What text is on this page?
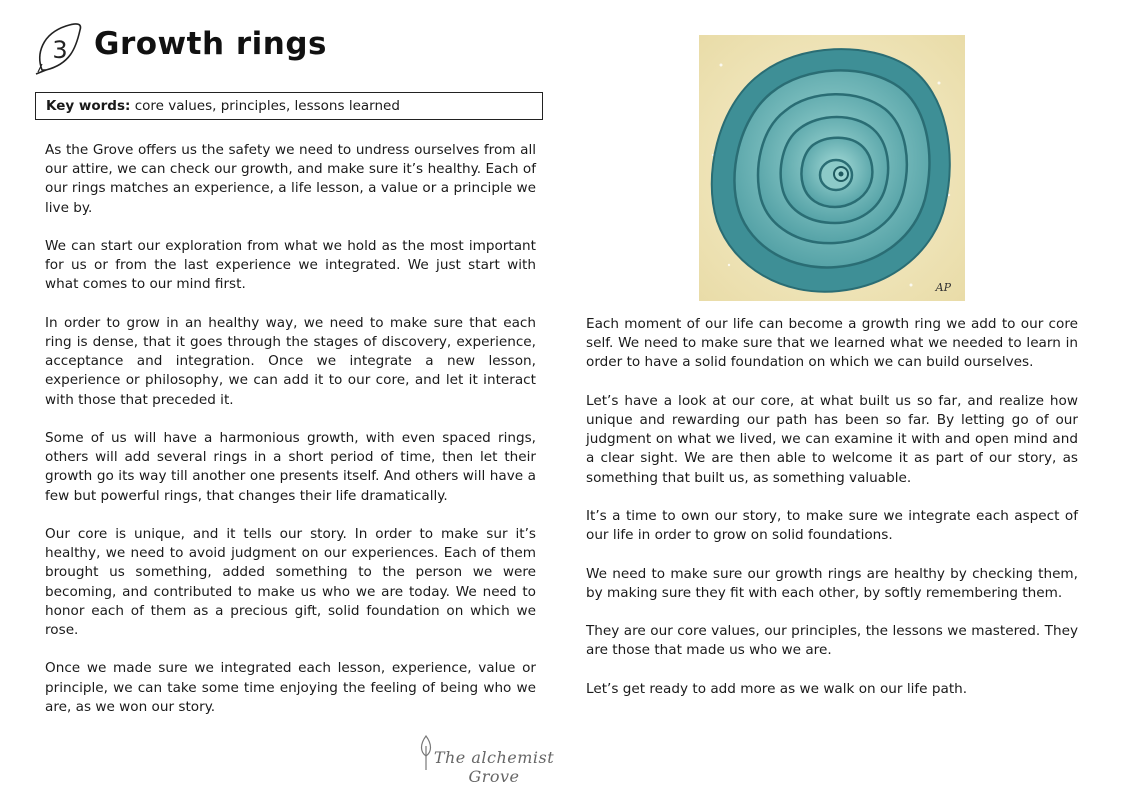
3 Growth rings
Key words: core values, principles, lessons learned

As the Grove offers us the safety we need to undress ourselves from all our attire, we can check our growth, and make sure it’s healthy. Each of our rings matches an experience, a life lesson, a value or a principle we live by.

We can start our exploration from what we hold as the most important for us or from the last experience we integrated. We just start with what comes to our mind first.

In order to grow in an healthy way, we need to make sure that each ring is dense, that it goes through the stages of discovery, experience, acceptance and integration. Once we integrate a new lesson, experience or philosophy, we can add it to our core, and let it interact with those that preceded it.

Some of us will have a harmonious growth, with even spaced rings, others will add several rings in a short period of time, then let their growth go its way till another one presents itself. And others will have a few but powerful rings, that changes their life dramatically.

Our core is unique, and it tells our story. In order to make sur it’s healthy, we need to avoid judgment on our experiences. Each of them brought us something, added something to the person we were becoming, and contributed to make us who we are today. We need to honor each of them as a precious gift, solid foundation on which we rose.

Once we made sure we integrated each lesson, experience, value or principle, we can take some time enjoying the feeling of being who we are, as we won our story.

AP

Each moment of our life can become a growth ring we add to our core self. We need to make sure that we learned what we needed to learn in order to have a solid foundation on which we can build ourselves.

Let’s have a look at our core, at what built us so far, and realize how unique and rewarding our path has been so far. By letting go of our judgment on what we lived, we can examine it with and open mind and a clear sight. We are then able to welcome it as part of our story, as something that built us, as something valuable.

It’s a time to own our story, to make sure we integrate each aspect of our life in order to grow on solid foundations.

We need to make sure our growth rings are healthy by checking them, by making sure they fit with each other, by softly remembering them.

They are our core values, our principles, the lessons we mastered. They are those that made us who we are.

Let’s get ready to add more as we walk on our life path.

The alchemist Grove
